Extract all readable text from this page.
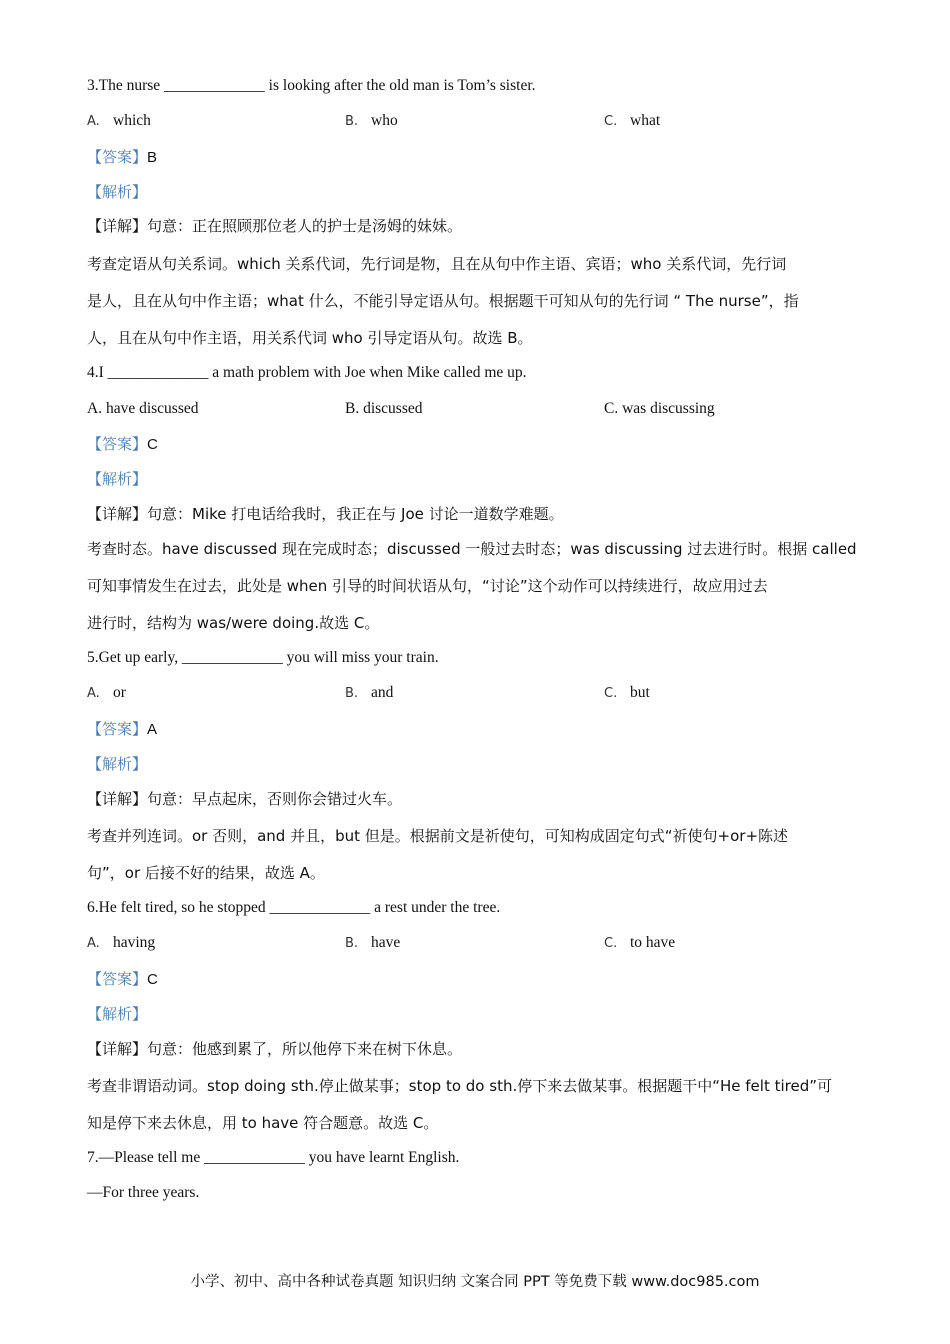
3.The nurse _____________ is looking after the old man is Tom’s sister.
A. which	B. who	C. what
【答案】B
【解析】
【详解】句意：正在照顾那位老人的护士是汤姆的妹妹。
考查定语从句关系词。which 关系代词，先行词是物，且在从句中作主语、宾语；who 关系代词，先行词
是人，且在从句中作主语；what 什么，不能引导定语从句。根据题干可知从句的先行词 “ The nurse”，指
人，且在从句中作主语，用关系代词 who 引导定语从句。故选 B。
4.I _____________ a math problem with Joe when Mike called me up.
A. have discussed	B. discussed	C. was discussing
【答案】C
【解析】
【详解】句意：Mike 打电话给我时，我正在与 Joe 讨论一道数学难题。
考查时态。have discussed 现在完成时态；discussed 一般过去时态；was discussing 过去进行时。根据 called
可知事情发生在过去，此处是 when 引导的时间状语从句，“讨论”这个动作可以持续进行，故应用过去
进行时，结构为 was/were doing.故选 C。
5.Get up early, _____________ you will miss your train.
A. or	B. and	C. but
【答案】A
【解析】
【详解】句意：早点起床，否则你会错过火车。
考查并列连词。or 否则，and 并且，but 但是。根据前文是祈使句，可知构成固定句式“祈使句+or+陈述
句”，or 后接不好的结果，故选 A。
6.He felt tired, so he stopped _____________ a rest under the tree.
A. having	B. have	C. to have
【答案】C
【解析】
【详解】句意：他感到累了，所以他停下来在树下休息。
考查非谓语动词。stop doing sth.停止做某事；stop to do sth.停下来去做某事。根据题干中“He felt tired”可
知是停下来去休息，用 to have 符合题意。故选 C。
7.—Please tell me _____________ you have learnt English.
—For three years.
小学、初中、高中各种试卷真题 知识归纳 文案合同 PPT 等免费下载 www.doc985.com
